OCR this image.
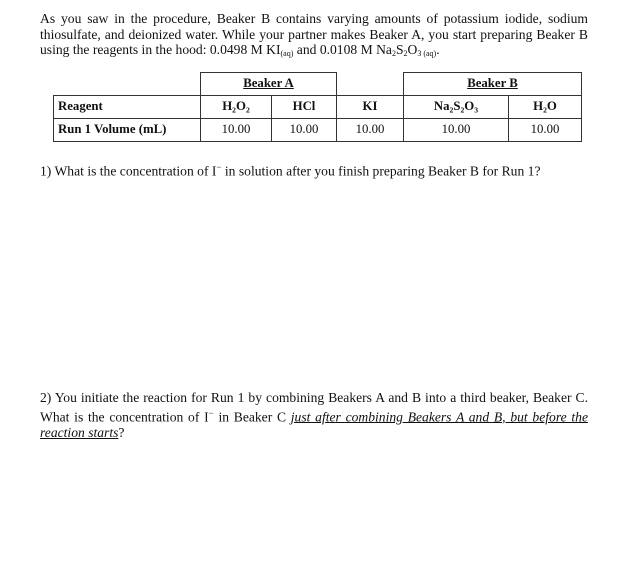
As you saw in the procedure, Beaker B contains varying amounts of potassium iodide, sodium thiosulfate, and deionized water. While your partner makes Beaker A, you start preparing Beaker B using the reagents in the hood: 0.0498 M $KI_{(aq)}$ and 0.0108 M $Na_2S_2O_3$ $_{(aq)}$.

	Beaker A			Beaker B	
Reagent	H₂O₂	HCl	KI	Na₂S₂O₃	H₂O
Run 1 Volume (mL)	10.00	10.00	10.00	10.00	10.00

1) What is the concentration of I− in solution after you finish preparing Beaker B for Run 1?

2) You initiate the reaction for Run 1 by combining Beakers A and B into a third beaker, Beaker C. What is the concentration of I− in Beaker C just after combining Beakers A and B, but before the reaction starts?
